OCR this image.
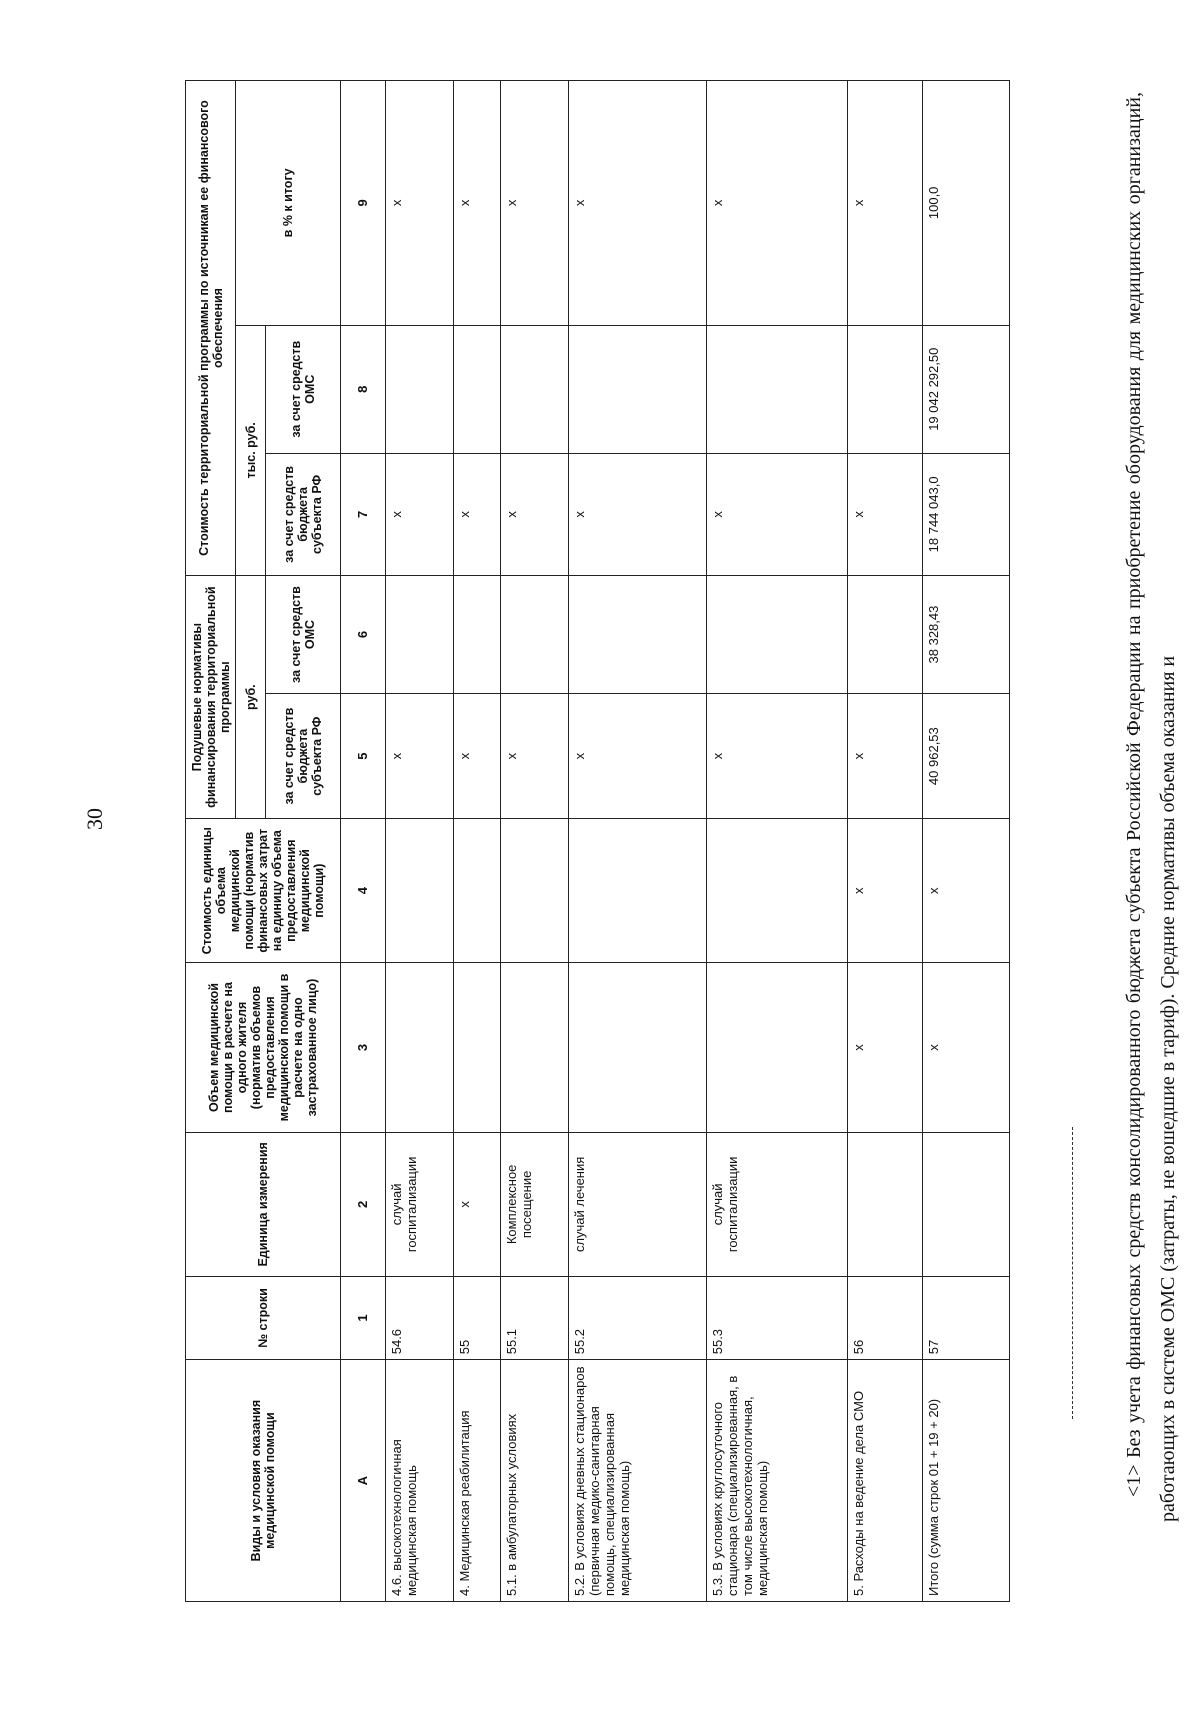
30
Виды и условия оказания медицинской помощи	№ строки	Единица измерения	Объем медицинской помощи в расчете на одного жителя (норматив объемов предоставления медицинской помощи в расчете на одно застрахованное лицо)	Стоимость единицы объема медицинской помощи (норматив финансовых затрат на единицу объема предоставления медицинской помощи)	Подушевые нормативы финансирования территориальной программы		Стоимость территориальной программы по источникам ее финансового обеспечения		
					руб.		тыс. руб.		в % к итогу
					за счет средств бюджета субъекта РФ	за счет средств ОМС	за счет средств бюджета субъекта РФ	за счет средств ОМС	
А	1	2	3	4	5	6	7	8	9
4.6. высокотехнологичная медицинская помощь	54.6	случай госпитализации			х		х		х
4. Медицинская реабилитация	55	х			х		х		х
5.1. в амбулаторных условиях	55.1	Комплексное посещение			х		х		х
5.2. В условиях дневных стационаров (первичная медико-санитарная помощь, специализированная медицинская помощь)	55.2	случай лечения			х		х		х
5.3. В условиях круглосуточного стационара (специализированная, в том числе высокотехнологичная, медицинская помощь)	55.3	случай госпитализации			х		х		х
5. Расходы на ведение дела СМО	56		х	х	х		х		х
Итого (сумма строк 01 + 19 + 20)	57		х	х	40 962,53	38 328,43	18 744 043,0	19 042 292,50	100,0	<1> Без учета финансовых средств консолидированного бюджета субъекта Российской Федерации на приобретение оборудования для медицинских организаций, работающих в системе ОМС (затраты, не вошедшие в тариф). Средние нормативы объема оказания и
